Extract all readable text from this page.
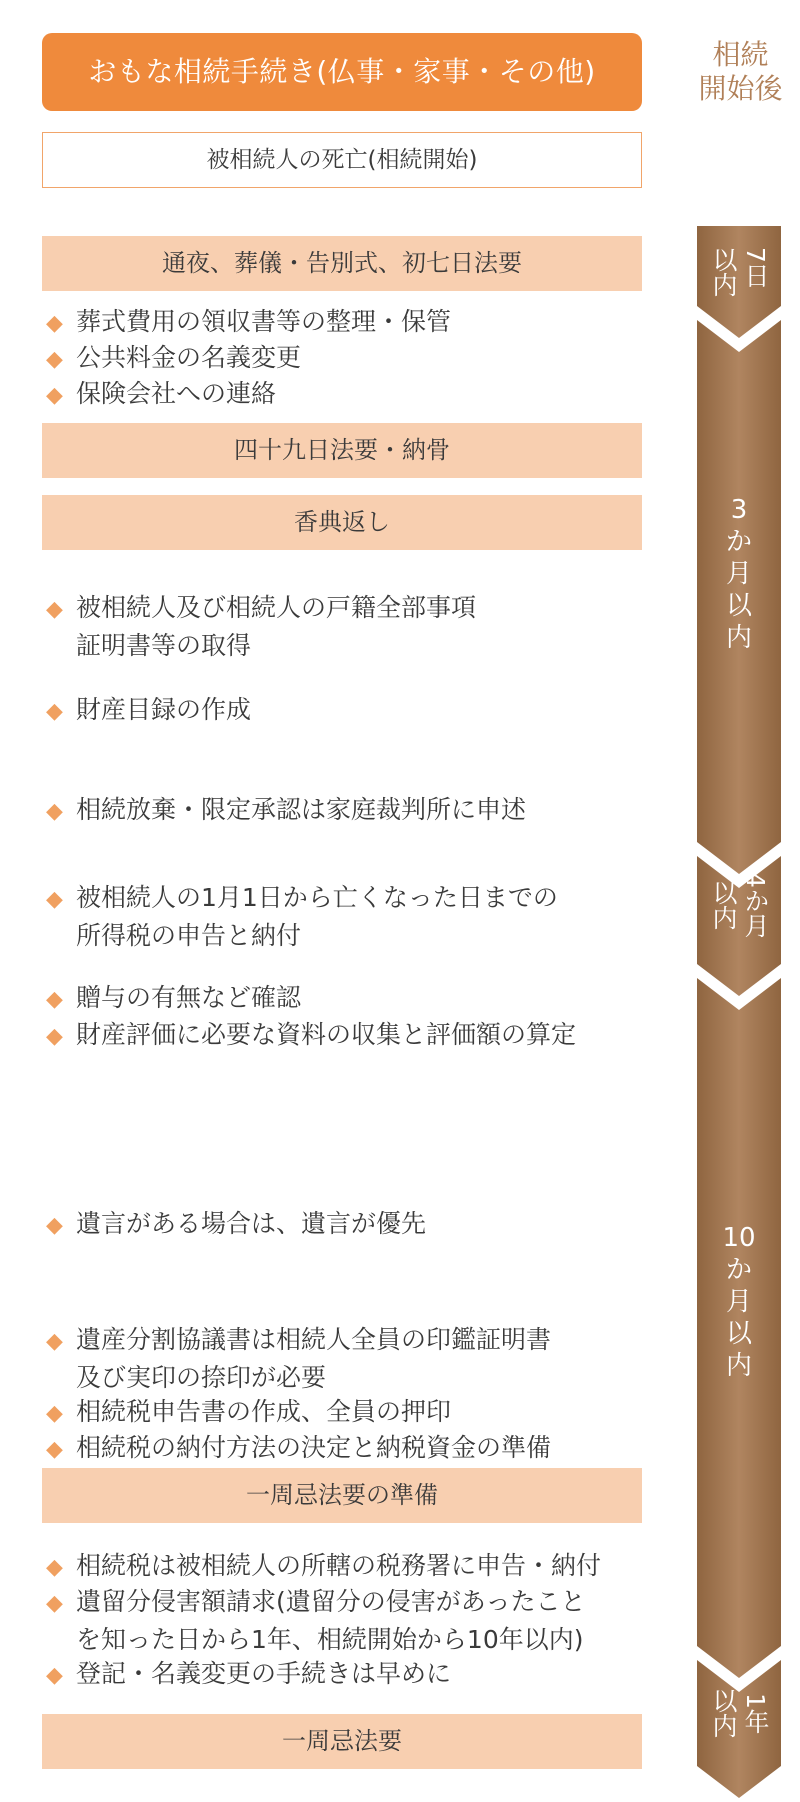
おもな相続手続き(仏事・家事・その他)
相続
開始後
被相続人の死亡(相続開始)
通夜、葬儀・告別式、初七日法要
四十九日法要・納骨
香典返し
一周忌法要の準備
一周忌法要
◆ 葬式費用の領収書等の整理・保管
◆ 公共料金の名義変更
◆ 保険会社への連絡
◆ 被相続人及び相続人の戸籍全部事項
証明書等の取得
◆ 財産目録の作成
◆ 相続放棄・限定承認は家庭裁判所に申述
◆ 被相続人の1月1日から亡くなった日までの
所得税の申告と納付
◆ 贈与の有無など確認
◆ 財産評価に必要な資料の収集と評価額の算定
◆ 遺言がある場合は、遺言が優先
◆ 遺産分割協議書は相続人全員の印鑑証明書
及び実印の捺印が必要
◆ 相続税申告書の作成、全員の押印
◆ 相続税の納付方法の決定と納税資金の準備
◆ 相続税は被相続人の所轄の税務署に申告・納付
◆ 遺留分侵害額請求(遺留分の侵害があったこと
を知った日から1年、相続開始から10年以内)
◆ 登記・名義変更の手続きは早めに
以内 7日
3
か
月
以
内
以内 4か月
10
か
月
以
内
以内 1年
